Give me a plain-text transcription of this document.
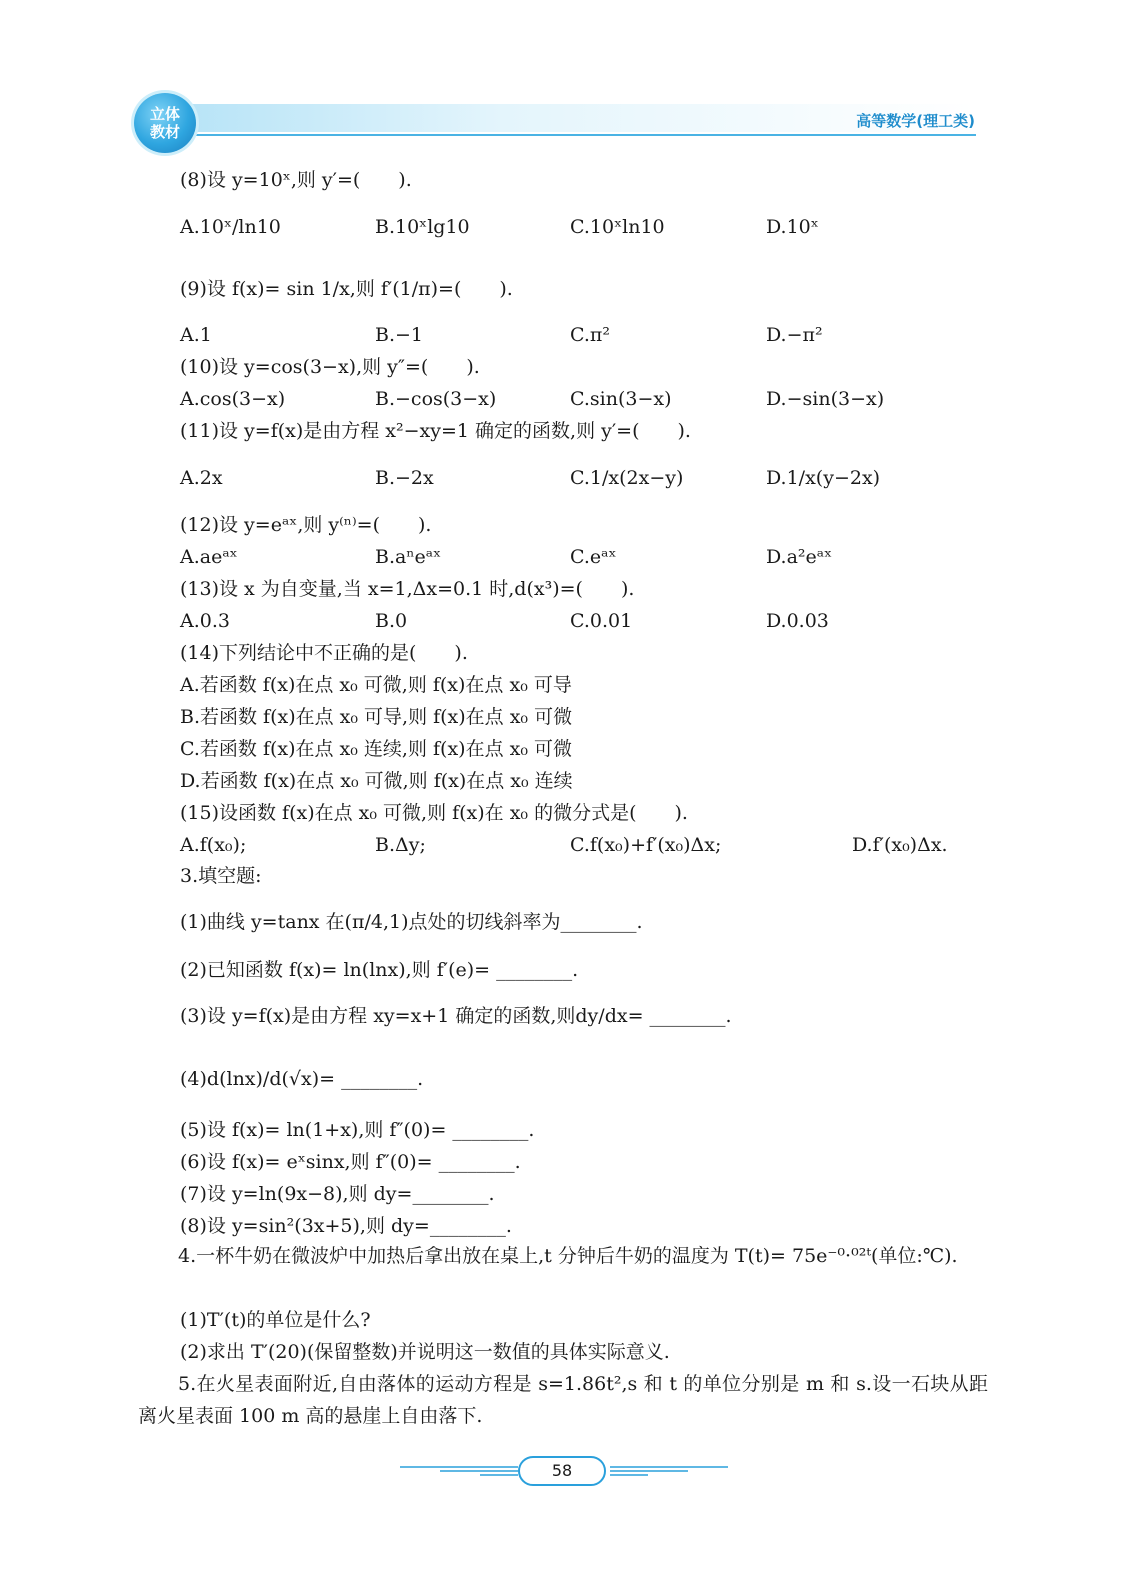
立体
教材
高等数学(理工类)
(8)设 y=10ˣ,则 y′=(　　).
A.10ˣ/ln10	B.10ˣlg10	C.10ˣln10	D.10ˣ
(9)设 f(x)= sin 1/x,则 f′(1/π)=(　　).
A.1	B.−1	C.π²	D.−π²
(10)设 y=cos(3−x),则 y″=(　　).
A.cos(3−x)	B.−cos(3−x)	C.sin(3−x)	D.−sin(3−x)
(11)设 y=f(x)是由方程 x²−xy=1 确定的函数,则 y′=(　　).
A.2x	B.−2x	C.1/x(2x−y)	D.1/x(y−2x)
(12)设 y=eᵃˣ,则 y⁽ⁿ⁾=(　　).
A.aeᵃˣ	B.aⁿeᵃˣ	C.eᵃˣ	D.a²eᵃˣ
(13)设 x 为自变量,当 x=1,Δx=0.1 时,d(x³)=(　　).
A.0.3	B.0	C.0.01	D.0.03
(14)下列结论中不正确的是(　　).
A.若函数 f(x)在点 x₀ 可微,则 f(x)在点 x₀ 可导
B.若函数 f(x)在点 x₀ 可导,则 f(x)在点 x₀ 可微
C.若函数 f(x)在点 x₀ 连续,则 f(x)在点 x₀ 可微
D.若函数 f(x)在点 x₀ 可微,则 f(x)在点 x₀ 连续
(15)设函数 f(x)在点 x₀ 可微,则 f(x)在 x₀ 的微分式是(　　).
A.f(x₀);	B.Δy;	C.f(x₀)+f′(x₀)Δx;	D.f′(x₀)Δx.
3.填空题:
(1)曲线 y=tanx 在(π/4,1)点处的切线斜率为________.
(2)已知函数 f(x)= ln(lnx),则 f′(e)= ________.
(3)设 y=f(x)是由方程 xy=x+1 确定的函数,则dy/dx= ________.
(4)d(lnx)/d(√x)= ________.
(5)设 f(x)= ln(1+x),则 f″(0)= ________.
(6)设 f(x)= eˣsinx,则 f″(0)= ________.
(7)设 y=ln(9x−8),则 dy=________.
(8)设 y=sin²(3x+5),则 dy=________.
4.一杯牛奶在微波炉中加热后拿出放在桌上,t 分钟后牛奶的温度为 T(t)= 75e⁻⁰·⁰²ᵗ(单位:℃).
(1)T′(t)的单位是什么?
(2)求出 T′(20)(保留整数)并说明这一数值的具体实际意义.
5.在火星表面附近,自由落体的运动方程是 s=1.86t²,s 和 t 的单位分别是 m 和 s.设一石块从距离火星表面 100 m 高的悬崖上自由落下.
58
